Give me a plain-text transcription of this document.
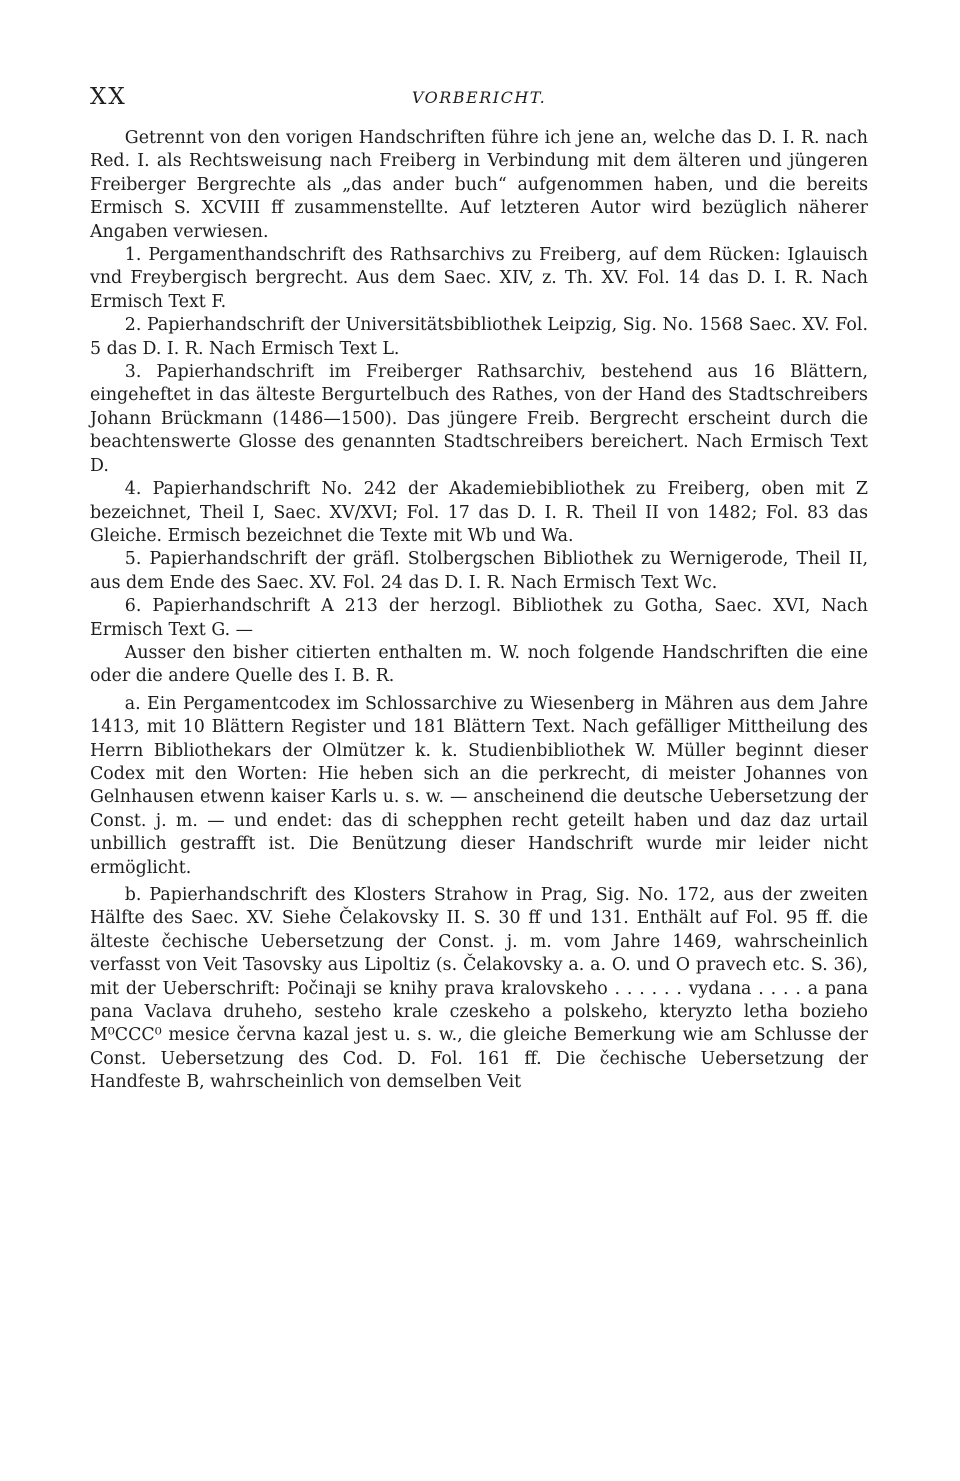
XX	VORBERICHT.

Getrennt von den vorigen Handschriften führe ich jene an, welche das D. I. R. nach Red. I. als Rechtsweisung nach Freiberg in Verbindung mit dem älteren und jüngeren Freiberger Bergrechte als „das ander buch“ aufgenommen haben, und die bereits Ermisch S. XCVIII ff zusammenstellte. Auf letzteren Autor wird bezüglich näherer Angaben verwiesen.

1. Pergamenthandschrift des Rathsarchivs zu Freiberg, auf dem Rücken: Iglauisch vnd Freybergisch bergrecht. Aus dem Saec. XIV, z. Th. XV. Fol. 14 das D. I. R. Nach Ermisch Text F.

2. Papierhandschrift der Universitätsbibliothek Leipzig, Sig. No. 1568 Saec. XV. Fol. 5 das D. I. R. Nach Ermisch Text L.

3. Papierhandschrift im Freiberger Rathsarchiv, bestehend aus 16 Blättern, eingeheftet in das älteste Bergurtelbuch des Rathes, von der Hand des Stadtschreibers Johann Brückmann (1486—1500). Das jüngere Freib. Bergrecht erscheint durch die beachtenswerte Glosse des genannten Stadtschreibers bereichert. Nach Ermisch Text D.

4. Papierhandschrift No. 242 der Akademiebibliothek zu Freiberg, oben mit Z bezeichnet, Theil I, Saec. XV/XVI; Fol. 17 das D. I. R. Theil II von 1482; Fol. 83 das Gleiche. Ermisch bezeichnet die Texte mit Wb und Wa.

5. Papierhandschrift der gräfl. Stolbergschen Bibliothek zu Wernigerode, Theil II, aus dem Ende des Saec. XV. Fol. 24 das D. I. R. Nach Ermisch Text Wc.

6. Papierhandschrift A 213 der herzogl. Bibliothek zu Gotha, Saec. XVI, Nach Ermisch Text G. —

Ausser den bisher citierten enthalten m. W. noch folgende Handschriften die eine oder die andere Quelle des I. B. R.

a. Ein Pergamentcodex im Schlossarchive zu Wiesenberg in Mähren aus dem Jahre 1413, mit 10 Blättern Register und 181 Blättern Text. Nach gefälliger Mittheilung des Herrn Bibliothekars der Olmützer k. k. Studienbibliothek W. Müller beginnt dieser Codex mit den Worten: Hie heben sich an die perkrecht, di meister Johannes von Gelnhausen etwenn kaiser Karls u. s. w. — anscheinend die deutsche Uebersetzung der Const. j. m. — und endet: das di schepphen recht geteilt haben und daz daz urtail unbillich gestrafft ist. Die Benützung dieser Handschrift wurde mir leider nicht ermöglicht.

b. Papierhandschrift des Klosters Strahow in Prag, Sig. No. 172, aus der zweiten Hälfte des Saec. XV. Siehe Čelakovsky II. S. 30 ff und 131. Enthält auf Fol. 95 ff. die älteste čechische Uebersetzung der Const. j. m. vom Jahre 1469, wahrscheinlich verfasst von Veit Tasovsky aus Lipoltiz (s. Čelakovsky a. a. O. und O pravech etc. S. 36), mit der Ueberschrift: Počinaji se knihy prava kralovskeho . . . . . . vydana . . . . a pana pana Vaclava druheho, sesteho krale czeskeho a polskeho, kteryzto letha bozieho M⁰CCC⁰ mesice června kazal jest u. s. w., die gleiche Bemerkung wie am Schlusse der Const. Uebersetzung des Cod. D. Fol. 161 ff. Die čechische Uebersetzung der Handfeste B, wahrscheinlich von demselben Veit
